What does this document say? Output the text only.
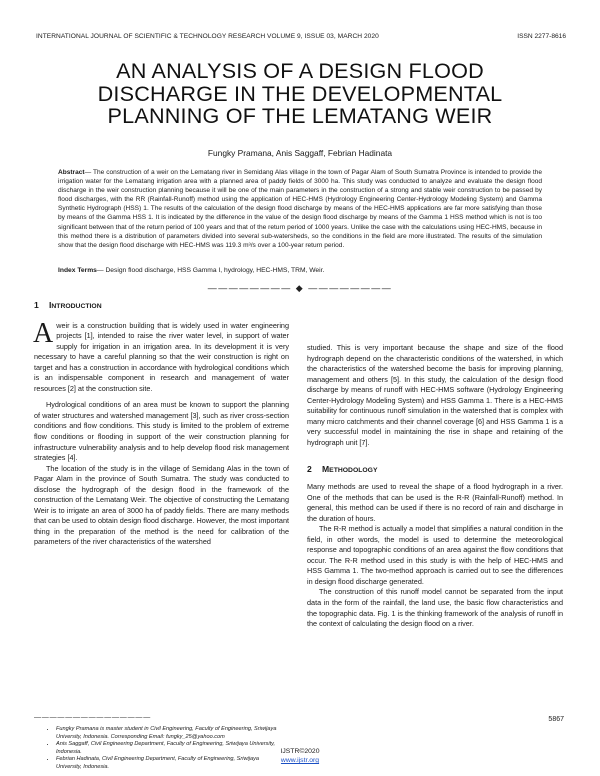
INTERNATIONAL JOURNAL OF SCIENTIFIC & TECHNOLOGY RESEARCH VOLUME 9, ISSUE 03, MARCH 2020	ISSN 2277-8616
AN ANALYSIS OF A DESIGN FLOOD
DISCHARGE IN THE DEVELOPMENTAL
PLANNING OF THE LEMATANG WEIR
Fungky Pramana, Anis Saggaff, Febrian Hadinata
Abstract— The construction of a weir on the Lematang river in Semidang Alas village in the town of Pagar Alam of South Sumatra Province is intended to provide the irrigation water for the Lematang irrigation area with a planned area of paddy fields of 3000 ha. This study was conducted to analyze and evaluate the design flood discharge in the weir construction planning because it will be one of the main parameters in the construction of a strong and stable weir construction to be passed by flood discharges, with the RR (Rainfall-Runoff) method using the application of HEC-HMS (Hydrology Engineering Center-Hydrology Modeling System) and Gamma Synthetic Hydrograph (HSS) 1. The results of the calculation of the design flood discharge by means of the HEC-HMS applications are far more satisfying than those by means of the Gamma HSS 1. It is indicated by the difference in the value of the design flood discharge by means of the Gamma 1 HSS method which is not is too significant between that of the return period of 100 years and that of the return period of 1000 years. Unlike the case with the calculations using HEC-HMS, because in this method there is a distribution of parameters divided into several sub-watersheds, so the conditions in the field are more illustrated. The results of the simulation show that the design flood discharge with HEC-HMS was 119.3 m³/s over a 100-year return period.
Index Terms— Design flood discharge, HSS Gamma I, hydrology, HEC-HMS, TRM, Weir.
———————— ◆ ————————
1 INTRODUCTION

Aweir is a construction building that is widely used in water engineering projects [1], intended to raise the river water level, in support of water supply for irrigation in an irrigation area. In its development it is very necessary to have a careful planning so that the weir construction is right on target and has a construction in accordance with hydrological conditions which is an indispensable component in research and management of water resources [2] at the construction site.

Hydrological conditions of an area must be known to support the planning of water structures and watershed management [3], such as river cross-section conditions and flow conditions. This study is limited to the problem of extreme flow conditions or flooding in support of the weir construction planning for infrastructure vulnerability analysis and to help develop flood risk management strategies [4].

The location of the study is in the village of Semidang Alas in the town of Pagar Alam in the province of South Sumatra. The study was conducted to disclose the hydrograph of the design flood in the framework of the construction of the Lematang Weir. The objective of constructing the Lematang Weir is to irrigate an area of 3000 ha of paddy fields. There are many methods that can be used to obtain design flood discharge. However, the most important thing in the preparation of the method is the need for calibration of the parameters of the river characteristics of the watershed

studied. This is very important because the shape and size of the flood hydrograph depend on the characteristic conditions of the watershed, in which the characteristics of the watershed become the basis for improving planning, management and others [5]. In this study, the calculation of the design flood discharge by means of runoff with HEC-HMS software (Hydrology Engineering Center-Hydrology Modeling System) and HSS Gamma 1. There is a HEC-HMS suitability for continuous runoff simulation in the watershed that is complex with many micro catchments and their channel coverage [6] and HSS Gamma 1 is a very successful model in maintaining the rise in shape and retaining of the hydrograph unit [7].

2 METHODOLOGY

Many methods are used to reveal the shape of a flood hydrograph in a river. One of the methods that can be used is the R-R (Rainfall-Runoff) method. In general, this method can be used if there is no record of rain and discharge in the duration of hours.

The R-R method is actually a model that simplifies a natural condition in the field, in other words, the model is used to determine the meteorological response and topographic conditions of an area against the flow conditions that occur. The R-R method used in this study is with the help of HEC-HMS and HSS Gamma 1. The two-method approach is carried out to see the differences in design flood discharge generated.

The construction of this runoff model cannot be separated from the input data in the form of the rainfall, the land use, the basic flow characteristics and the topographic data. Fig. 1 is the thinking framework of the analysis of runoff in the context of calculating the design flood on a river.

———————————————
• Fungky Pramana is master student in Civil Engineering, Faculty of Engineering, Sriwijaya University, Indonesia. Corresponding Email: fungky_25@yahoo.com
• Anis Saggaff, Civil Engineering Department, Faculty of Engineering, Sriwijaya University, Indonesia.
• Febrian Hadinata, Civil Engineering Department, Faculty of Engineering, Sriwijaya University, Indonesia.
5867
IJSTR©2020
www.ijstr.org
